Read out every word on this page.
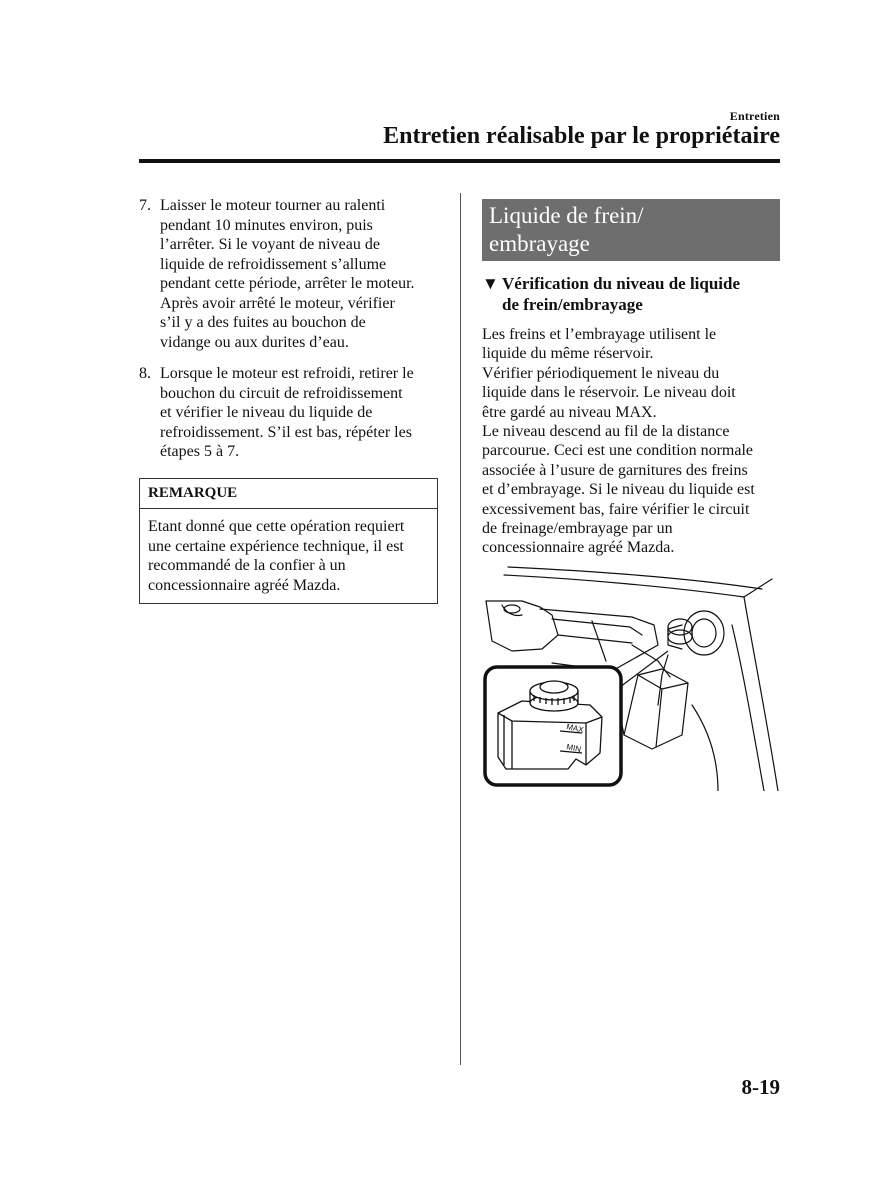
Entretien
Entretien réalisable par le propriétaire
7. Laisser le moteur tourner au ralenti
pendant 10 minutes environ, puis
l’arrêter. Si le voyant de niveau de
liquide de refroidissement s’allume
pendant cette période, arrêter le moteur.
Après avoir arrêté le moteur, vérifier
s’il y a des fuites au bouchon de
vidange ou aux durites d’eau.
8. Lorsque le moteur est refroidi, retirer le
bouchon du circuit de refroidissement
et vérifier le niveau du liquide de
refroidissement. S’il est bas, répéter les
étapes 5 à 7.
REMARQUE
Etant donné que cette opération requiert
une certaine expérience technique, il est
recommandé de la confier à un
concessionnaire agréé Mazda.
Liquide de frein/
embrayage
▼ Vérification du niveau de liquide
de frein/embrayage
Les freins et l’embrayage utilisent le
liquide du même réservoir.
Vérifier périodiquement le niveau du
liquide dans le réservoir. Le niveau doit
être gardé au niveau MAX.
Le niveau descend au fil de la distance
parcourue. Ceci est une condition normale
associée à l’usure de garnitures des freins
et d’embrayage. Si le niveau du liquide est
excessivement bas, faire vérifier le circuit
de freinage/embrayage par un
concessionnaire agréé Mazda.
MAX
MIN
8-19
